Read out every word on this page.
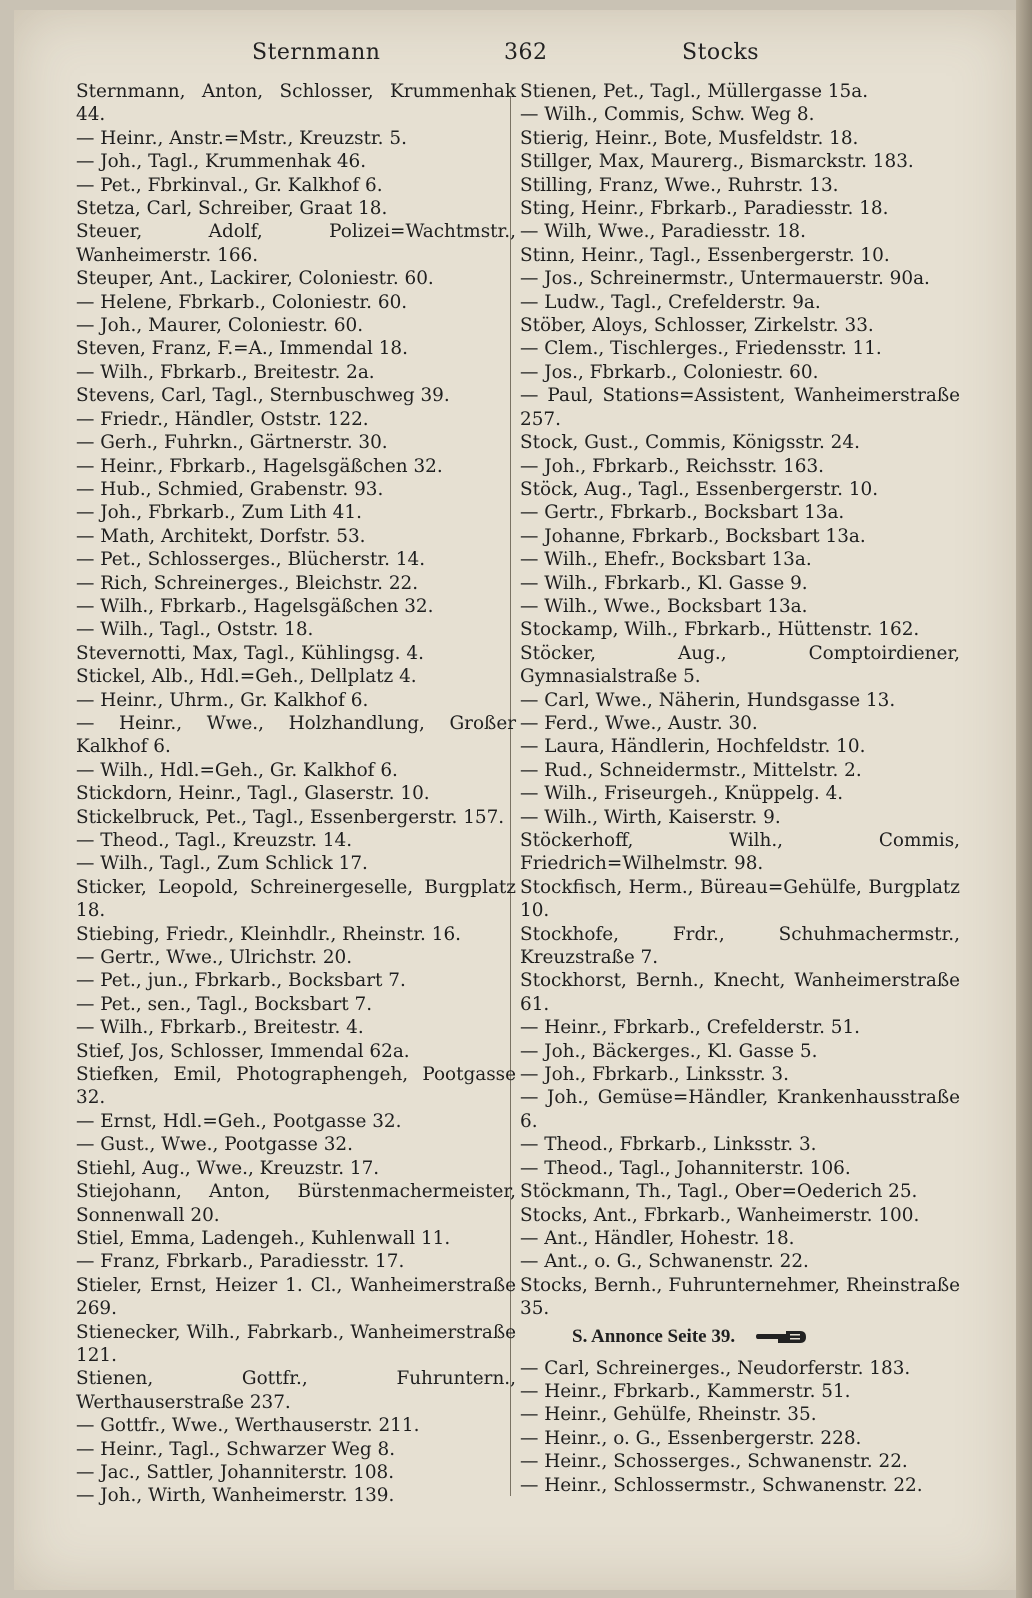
Sternmann	362	Stocks
Sternmann, Anton, Schlosser, Krummenhak 44.
— Heinr., Anstr.=Mstr., Kreuzstr. 5.
— Joh., Tagl., Krummenhak 46.
— Pet., Fbrkinval., Gr. Kalkhof 6.
Stetza, Carl, Schreiber, Graat 18.
Steuer, Adolf, Polizei=Wachtmstr., Wanheimerstr. 166.
Steuper, Ant., Lackirer, Coloniestr. 60.
— Helene, Fbrkarb., Coloniestr. 60.
— Joh., Maurer, Coloniestr. 60.
Steven, Franz, F.=A., Immendal 18.
— Wilh., Fbrkarb., Breitestr. 2a.
Stevens, Carl, Tagl., Sternbuschweg 39.
— Friedr., Händler, Oststr. 122.
— Gerh., Fuhrkn., Gärtnerstr. 30.
— Heinr., Fbrkarb., Hagelsgäßchen 32.
— Hub., Schmied, Grabenstr. 93.
— Joh., Fbrkarb., Zum Lith 41.
— Math, Architekt, Dorfstr. 53.
— Pet., Schlosserges., Blücherstr. 14.
— Rich, Schreinerges., Bleichstr. 22.
— Wilh., Fbrkarb., Hagelsgäßchen 32.
— Wilh., Tagl., Oststr. 18.
Stevernotti, Max, Tagl., Kühlingsg. 4.
Stickel, Alb., Hdl.=Geh., Dellplatz 4.
— Heinr., Uhrm., Gr. Kalkhof 6.
— Heinr., Wwe., Holzhandlung, Großer Kalkhof 6.
— Wilh., Hdl.=Geh., Gr. Kalkhof 6.
Stickdorn, Heinr., Tagl., Glaserstr. 10.
Stickelbruck, Pet., Tagl., Essenbergerstr. 157.
— Theod., Tagl., Kreuzstr. 14.
— Wilh., Tagl., Zum Schlick 17.
Sticker, Leopold, Schreinergeselle, Burgplatz 18.
Stiebing, Friedr., Kleinhdlr., Rheinstr. 16.
— Gertr., Wwe., Ulrichstr. 20.
— Pet., jun., Fbrkarb., Bocksbart 7.
— Pet., sen., Tagl., Bocksbart 7.
— Wilh., Fbrkarb., Breitestr. 4.
Stief, Jos, Schlosser, Immendal 62a.
Stiefken, Emil, Photographengeh, Pootgasse 32.
— Ernst, Hdl.=Geh., Pootgasse 32.
— Gust., Wwe., Pootgasse 32.
Stiehl, Aug., Wwe., Kreuzstr. 17.
Stiejohann, Anton, Bürstenmachermeister, Sonnenwall 20.
Stiel, Emma, Ladengeh., Kuhlenwall 11.
— Franz, Fbrkarb., Paradiesstr. 17.
Stieler, Ernst, Heizer 1. Cl., Wanheimerstraße 269.
Stienecker, Wilh., Fabrkarb., Wanheimerstraße 121.
Stienen, Gottfr., Fuhruntern., Werthauserstraße 237.
— Gottfr., Wwe., Werthauserstr. 211.
— Heinr., Tagl., Schwarzer Weg 8.
— Jac., Sattler, Johanniterstr. 108.
— Joh., Wirth, Wanheimerstr. 139.
Stienen, Pet., Tagl., Müllergasse 15a.
— Wilh., Commis, Schw. Weg 8.
Stierig, Heinr., Bote, Musfeldstr. 18.
Stillger, Max, Maurerg., Bismarckstr. 183.
Stilling, Franz, Wwe., Ruhrstr. 13.
Sting, Heinr., Fbrkarb., Paradiesstr. 18.
— Wilh, Wwe., Paradiesstr. 18.
Stinn, Heinr., Tagl., Essenbergerstr. 10.
— Jos., Schreinermstr., Untermauerstr. 90a.
— Ludw., Tagl., Crefelderstr. 9a.
Stöber, Aloys, Schlosser, Zirkelstr. 33.
— Clem., Tischlerges., Friedensstr. 11.
— Jos., Fbrkarb., Coloniestr. 60.
— Paul, Stations=Assistent, Wanheimerstraße 257.
Stock, Gust., Commis, Königsstr. 24.
— Joh., Fbrkarb., Reichsstr. 163.
Stöck, Aug., Tagl., Essenbergerstr. 10.
— Gertr., Fbrkarb., Bocksbart 13a.
— Johanne, Fbrkarb., Bocksbart 13a.
— Wilh., Ehefr., Bocksbart 13a.
— Wilh., Fbrkarb., Kl. Gasse 9.
— Wilh., Wwe., Bocksbart 13a.
Stockamp, Wilh., Fbrkarb., Hüttenstr. 162.
Stöcker, Aug., Comptoirdiener, Gymnasialstraße 5.
— Carl, Wwe., Näherin, Hundsgasse 13.
— Ferd., Wwe., Austr. 30.
— Laura, Händlerin, Hochfeldstr. 10.
— Rud., Schneidermstr., Mittelstr. 2.
— Wilh., Friseurgeh., Knüppelg. 4.
— Wilh., Wirth, Kaiserstr. 9.
Stöckerhoff, Wilh., Commis, Friedrich=Wilhelmstr. 98.
Stockfisch, Herm., Büreau=Gehülfe, Burgplatz 10.
Stockhofe, Frdr., Schuhmachermstr., Kreuzstraße 7.
Stockhorst, Bernh., Knecht, Wanheimerstraße 61.
— Heinr., Fbrkarb., Crefelderstr. 51.
— Joh., Bäckerges., Kl. Gasse 5.
— Joh., Fbrkarb., Linksstr. 3.
— Joh., Gemüse=Händler, Krankenhausstraße 6.
— Theod., Fbrkarb., Linksstr. 3.
— Theod., Tagl., Johanniterstr. 106.
Stöckmann, Th., Tagl., Ober=Oederich 25.
Stocks, Ant., Fbrkarb., Wanheimerstr. 100.
— Ant., Händler, Hohestr. 18.
— Ant., o. G., Schwanenstr. 22.
Stocks, Bernh., Fuhrunternehmer, Rheinstraße 35.
S. Annonce Seite 39.
— Carl, Schreinerges., Neudorferstr. 183.
— Heinr., Fbrkarb., Kammerstr. 51.
— Heinr., Gehülfe, Rheinstr. 35.
— Heinr., o. G., Essenbergerstr. 228.
— Heinr., Schosserges., Schwanenstr. 22.
— Heinr., Schlossermstr., Schwanenstr. 22.
